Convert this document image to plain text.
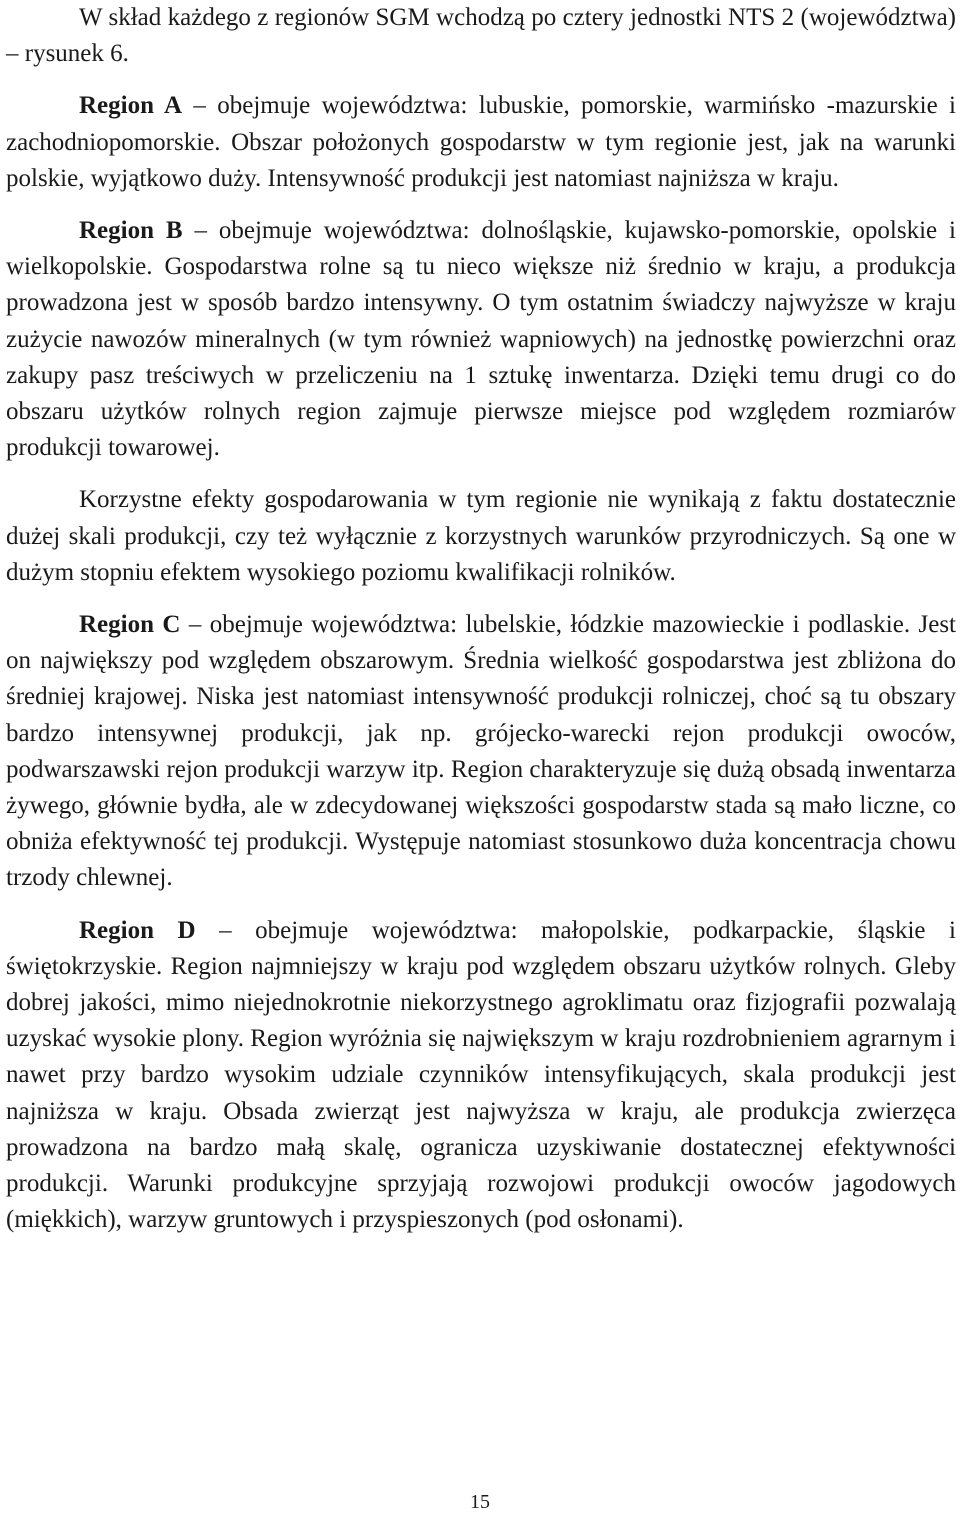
W skład każdego z regionów SGM wchodzą po cztery jednostki NTS 2 (województwa) – rysunek 6.

Region A – obejmuje województwa: lubuskie, pomorskie, warmińsko -mazurskie i zachodniopomorskie. Obszar położonych gospodarstw w tym regionie jest, jak na warunki polskie, wyjątkowo duży. Intensywność produkcji jest natomiast najniższa w kraju.

Region B – obejmuje województwa: dolnośląskie, kujawsko-pomorskie, opolskie i wielkopolskie. Gospodarstwa rolne są tu nieco większe niż średnio w kraju, a produkcja prowadzona jest w sposób bardzo intensywny. O tym ostatnim świadczy najwyższe w kraju zużycie nawozów mineralnych (w tym również wapniowych) na jednostkę powierzchni oraz zakupy pasz treściwych w przeliczeniu na 1 sztukę inwentarza. Dzięki temu drugi co do obszaru użytków rolnych region zajmuje pierwsze miejsce pod względem rozmiarów produkcji towarowej.

Korzystne efekty gospodarowania w tym regionie nie wynikają z faktu dostatecznie dużej skali produkcji, czy też wyłącznie z korzystnych warunków przyrodniczych. Są one w dużym stopniu efektem wysokiego poziomu kwalifikacji rolników.

Region C – obejmuje województwa: lubelskie, łódzkie mazowieckie i podlaskie. Jest on największy pod względem obszarowym. Średnia wielkość gospodarstwa jest zbliżona do średniej krajowej. Niska jest natomiast intensywność produkcji rolniczej, choć są tu obszary bardzo intensywnej produkcji, jak np. grójecko-warecki rejon produkcji owoców, podwarszawski rejon produkcji warzyw itp. Region charakteryzuje się dużą obsadą inwentarza żywego, głównie bydła, ale w zdecydowanej większości gospodarstw stada są mało liczne, co obniża efektywność tej produkcji. Występuje natomiast stosunkowo duża koncentracja chowu trzody chlewnej.

Region D – obejmuje województwa: małopolskie, podkarpackie, śląskie i świętokrzyskie. Region najmniejszy w kraju pod względem obszaru użytków rolnych. Gleby dobrej jakości, mimo niejednokrotnie niekorzystnego agroklimatu oraz fizjografii pozwalają uzyskać wysokie plony. Region wyróżnia się największym w kraju rozdrobnieniem agrarnym i nawet przy bardzo wysokim udziale czynników intensyfikujących, skala produkcji jest najniższa w kraju. Obsada zwierząt jest najwyższa w kraju, ale produkcja zwierzęca prowadzona na bardzo małą skalę, ogranicza uzyskiwanie dostatecznej efektywności produkcji. Warunki produkcyjne sprzyjają rozwojowi produkcji owoców jagodowych (miękkich), warzyw gruntowych i przyspieszonych (pod osłonami).

15
